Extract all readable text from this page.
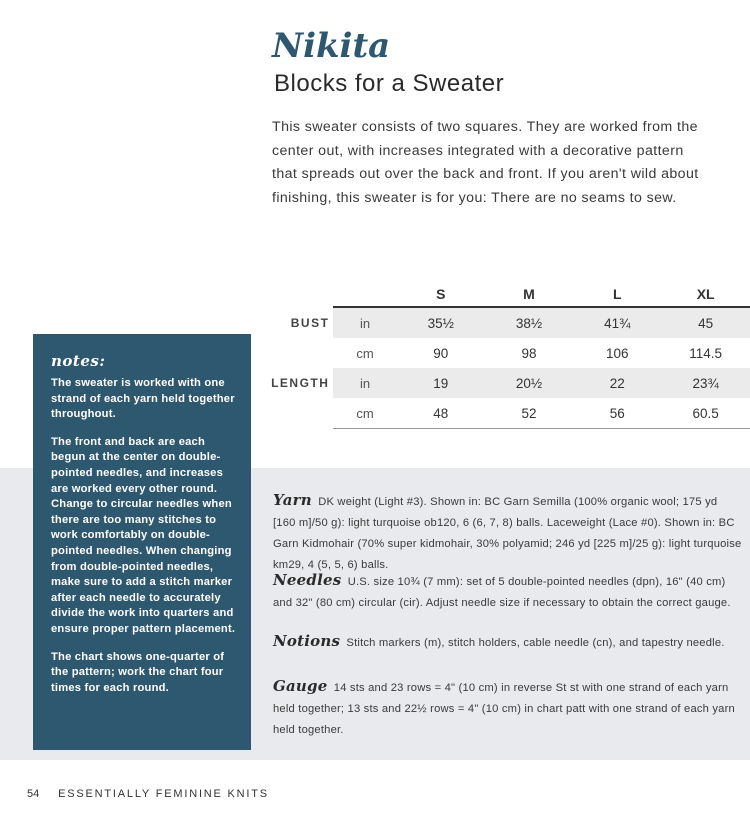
Nikita
Blocks for a Sweater
This sweater consists of two squares. They are worked from the center out, with increases integrated with a decorative pattern that spreads out over the back and front. If you aren't wild about finishing, this sweater is for you: There are no seams to sew.
		S	M	L	XL
BUST	in	35½	38½	41¾	45
	cm	90	98	106	114.5
LENGTH	in	19	20½	22	23¾
	cm	48	52	56	60.5
notes:

The sweater is worked with one strand of each yarn held together throughout.

The front and back are each begun at the center on double-pointed needles, and increases are worked every other round. Change to circular needles when there are too many stitches to work comfortably on double-pointed needles. When changing from double-pointed needles, make sure to add a stitch marker after each needle to accurately divide the work into quarters and ensure proper pattern placement.

The chart shows one-quarter of the pattern; work the chart four times for each round.

Yarn DK weight (Light #3). Shown in: BC Garn Semilla (100% organic wool; 175 yd [160 m]/50 g): light turquoise ob120, 6 (6, 7, 8) balls. Laceweight (Lace #0). Shown in: BC Garn Kidmohair (70% super kidmohair, 30% polyamid; 246 yd [225 m]/25 g): light turquoise km29, 4 (5, 5, 6) balls.
Needles U.S. size 10¾ (7 mm): set of 5 double-pointed needles (dpn), 16" (40 cm) and 32" (80 cm) circular (cir). Adjust needle size if necessary to obtain the correct gauge.
Notions Stitch markers (m), stitch holders, cable needle (cn), and tapestry needle.
Gauge 14 sts and 23 rows = 4" (10 cm) in reverse St st with one strand of each yarn held together; 13 sts and 22½ rows = 4" (10 cm) in chart patt with one strand of each yarn held together.
54 ESSENTIALLY FEMININE KNITS
